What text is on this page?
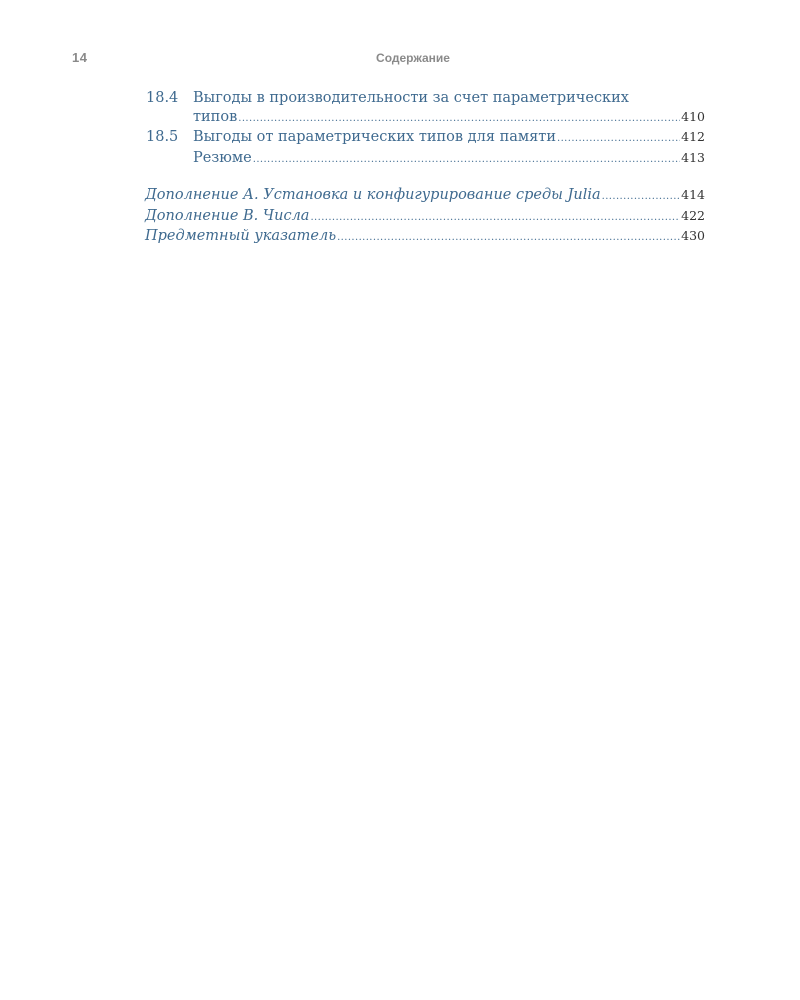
14	Содержание
18.4 Выгоды в производительности за счет параметрических
типов .....	410
18.5 Выгоды от параметрических типов для памяти .....	412
Резюме .....	413
Дополнение А. Установка и конфигурирование среды Julia .....	414
Дополнение В. Числа .....	422
Предметный указатель .....	430
